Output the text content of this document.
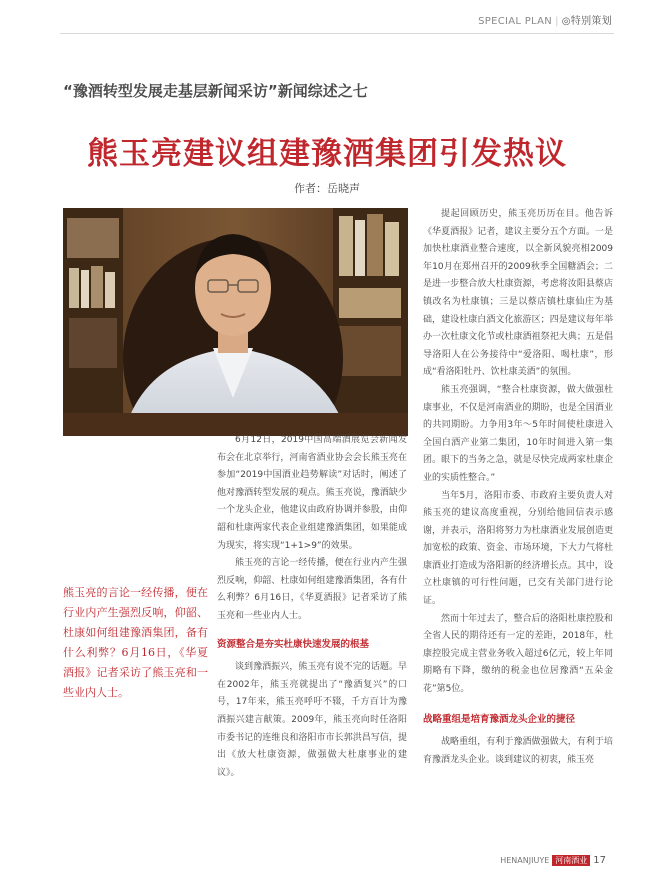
SPECIAL PLAN | ◎特别策划
“豫酒转型发展走基层新闻采访”新闻综述之七
熊玉亮建议组建豫酒集团引发热议
作者：岳晓声
熊玉亮的言论一经传播，便在行业内产生强烈反响，仰韶、杜康如何组建豫酒集团，备有什么利弊？6月16日，《华夏酒报》记者采访了熊玉亮和一些业内人士。

6月12日，2019中国高端酒展览会新闻发布会在北京举行，河南省酒业协会会长熊玉亮在参加“2019中国酒业趋势解读”对话时，阐述了他对豫酒转型发展的观点。熊玉亮说，豫酒缺少一个龙头企业，他建议由政府协调并参股，由仰韶和杜康两家代表企业组建豫酒集团，如果能成为现实，将实现“1+1>9”的效果。

熊玉亮的言论一经传播，便在行业内产生强烈反响，仰韶、杜康如何组建豫酒集团，各有什么利弊？6月16日，《华夏酒报》记者采访了熊玉亮和一些业内人士。

资源整合是夯实杜康快速发展的根基

谈到豫酒振兴，熊玉亮有说不完的话题。早在2002年，熊玉亮就提出了“豫酒复兴”的口号，17年来，熊玉亮呼吁不辍，千方百计为豫酒振兴建言献策。2009年，熊玉亮向时任洛阳市委书记的连维良和洛阳市市长郭洪昌写信，提出《放大杜康资源，做强做大杜康事业的建议》。

提起回顾历史，熊玉亮历历在目。他告诉《华夏酒报》记者，建议主要分五个方面。一是加快杜康酒业整合速度，以全新风貌亮相2009年10月在郑州召开的2009秋季全国糖酒会；二是进一步整合放大杜康资源，考虑将汝阳县蔡店镇改名为杜康镇；三是以蔡店镇杜康仙庄为基础，建设杜康白酒文化旅游区；四是建议每年举办一次杜康文化节或杜康酒祖祭祀大典；五是倡导洛阳人在公务接待中“爱洛阳、喝杜康”，形成“看洛阳牡丹、饮杜康美酒”的氛围。

熊玉亮强调，“整合杜康资源，做大做强杜康事业，不仅是河南酒业的期盼，也是全国酒业的共同期盼。力争用3年～5年时间使杜康进入全国白酒产业第二集团，10年时间进入第一集团。眼下的当务之急，就是尽快完成两家杜康企业的实质性整合。”

当年5月，洛阳市委、市政府主要负责人对熊玉亮的建议高度重视，分别给他回信表示感谢，并表示，洛阳将努力为杜康酒业发展创造更加宽松的政策、资金、市场环境，下大力气将杜康酒业打造成为洛阳新的经济增长点。其中，设立杜康镇的可行性问题，已交有关部门进行论证。

然而十年过去了，整合后的洛阳杜康控股和全省人民的期待还有一定的差距，2018年，杜康控股完成主营业务收入超过6亿元，较上年同期略有下降，缴纳的税金也位居豫酒“五朵金花”第5位。

战略重组是培育豫酒龙头企业的捷径

战略重组，有利于豫酒做强做大，有利于培育豫酒龙头企业。谈到建议的初衷，熊玉亮

HENANJIUYE 河南酒业 17
